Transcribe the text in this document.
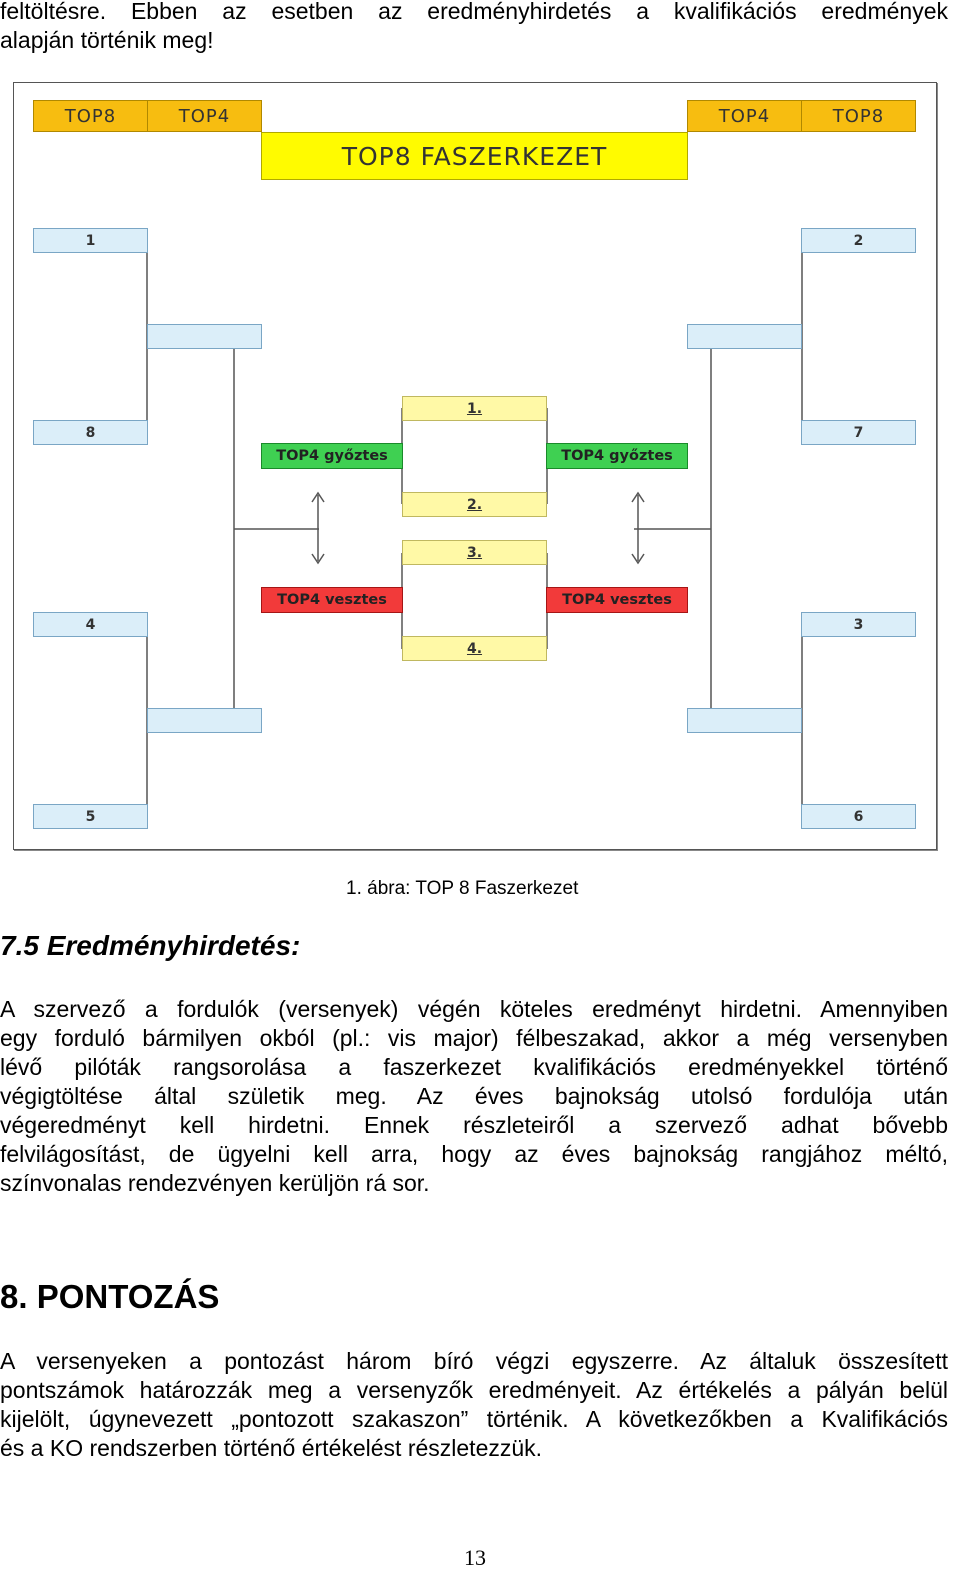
feltöltésre. Ebben az esetben az eredményhirdetés a kvalifikációs eredmények
alapján történik meg!
TOP8	TOP4	TOP4	TOP8
TOP8 FASZERKEZET
1
8
4
5
2
7
3
6
1.
2.
3.
4.
TOP4 győztes	TOP4 győztes
TOP4 vesztes	TOP4 vesztes
1. ábra: TOP 8 Faszerkezet
7.5 Eredményhirdetés:
A szervező a fordulók (versenyek) végén köteles eredményt hirdetni. Amennyiben
egy forduló bármilyen okból (pl.: vis major) félbeszakad, akkor a még versenyben
lévő pilóták rangsorolása a faszerkezet kvalifikációs eredményekkel történő
végigtöltése által születik meg. Az éves bajnokság utolsó fordulója után
végeredményt kell hirdetni. Ennek részleteiről a szervező adhat bővebb
felvilágosítást, de ügyelni kell arra, hogy az éves bajnokság rangjához méltó,
színvonalas rendezvényen kerüljön rá sor.
8. PONTOZÁS
A versenyeken a pontozást három bíró végzi egyszerre. Az általuk összesített
pontszámok határozzák meg a versenyzők eredményeit. Az értékelés a pályán belül
kijelölt, úgynevezett „pontozott szakaszon” történik. A következőkben a Kvalifikációs
és a KO rendszerben történő értékelést részletezzük.
13
